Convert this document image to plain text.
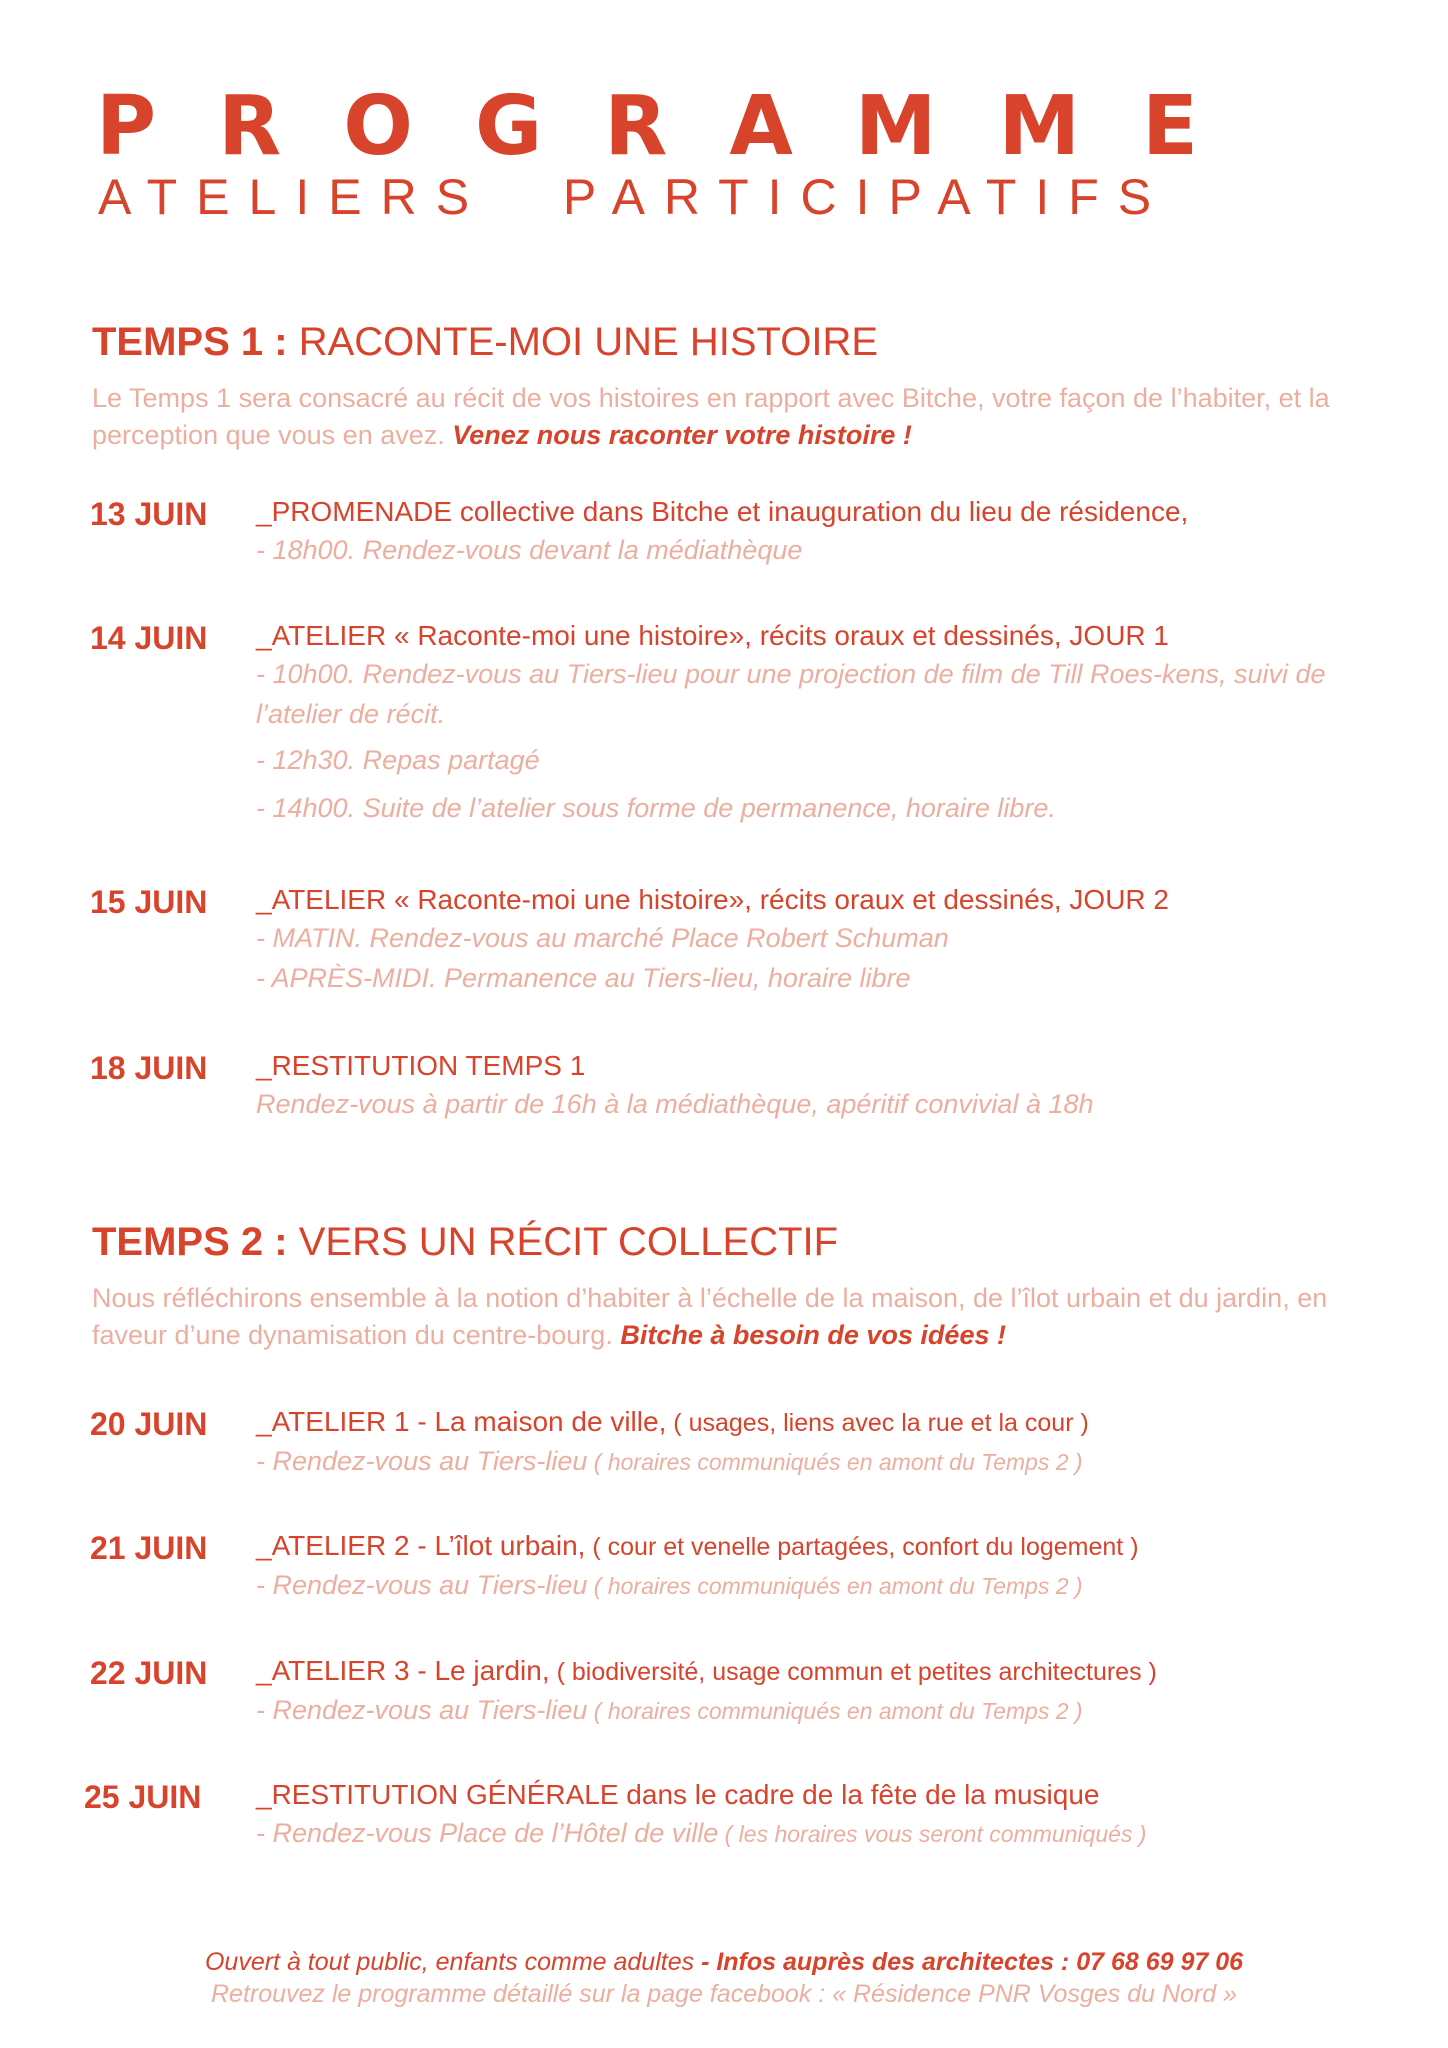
PROGRAMME
ATELIERS PARTICIPATIFS
TEMPS 1 : RACONTE-MOI UNE HISTOIRE
Le Temps 1 sera consacré au récit de vos histoires en rapport avec Bitche, votre façon de l’habiter, et la perception que vous en avez. Venez nous raconter votre histoire !
13 JUIN	_PROMENADE collective dans Bitche et inauguration du lieu de résidence,
- 18h00. Rendez-vous devant la médiathèque
14 JUIN	_ATELIER « Raconte-moi une histoire», récits oraux et dessinés, JOUR 1
- 10h00. Rendez-vous au Tiers-lieu pour une projection de film de Till Roes-kens, suivi de l’atelier de récit.
- 12h30. Repas partagé
- 14h00. Suite de l’atelier sous forme de permanence, horaire libre.
15 JUIN	_ATELIER « Raconte-moi une histoire», récits oraux et dessinés, JOUR 2
- MATIN. Rendez-vous au marché Place Robert Schuman
- APRÈS-MIDI. Permanence au Tiers-lieu, horaire libre
18 JUIN	_RESTITUTION TEMPS 1
Rendez-vous à partir de 16h à la médiathèque, apéritif convivial à 18h
TEMPS 2 : VERS UN RÉCIT COLLECTIF
Nous réfléchirons ensemble à la notion d’habiter à l’échelle de la maison, de l’îlot urbain et du jardin, en faveur d’une dynamisation du centre-bourg. Bitche à besoin de vos idées !
20 JUIN	_ATELIER 1 - La maison de ville, ( usages, liens avec la rue et la cour )
- Rendez-vous au Tiers-lieu ( horaires communiqués en amont du Temps 2 )
21 JUIN	_ATELIER 2 - L’îlot urbain, ( cour et venelle partagées, confort du logement )
- Rendez-vous au Tiers-lieu ( horaires communiqués en amont du Temps 2 )
22 JUIN	_ATELIER 3 - Le jardin, ( biodiversité, usage commun et petites architectures )
- Rendez-vous au Tiers-lieu ( horaires communiqués en amont du Temps 2 )
25 JUIN	_RESTITUTION GÉNÉRALE dans le cadre de la fête de la musique
- Rendez-vous Place de l’Hôtel de ville ( les horaires vous seront communiqués )
Ouvert à tout public, enfants comme adultes - Infos auprès des architectes : 07 68 69 97 06
Retrouvez le programme détaillé sur la page facebook : « Résidence PNR Vosges du Nord »
